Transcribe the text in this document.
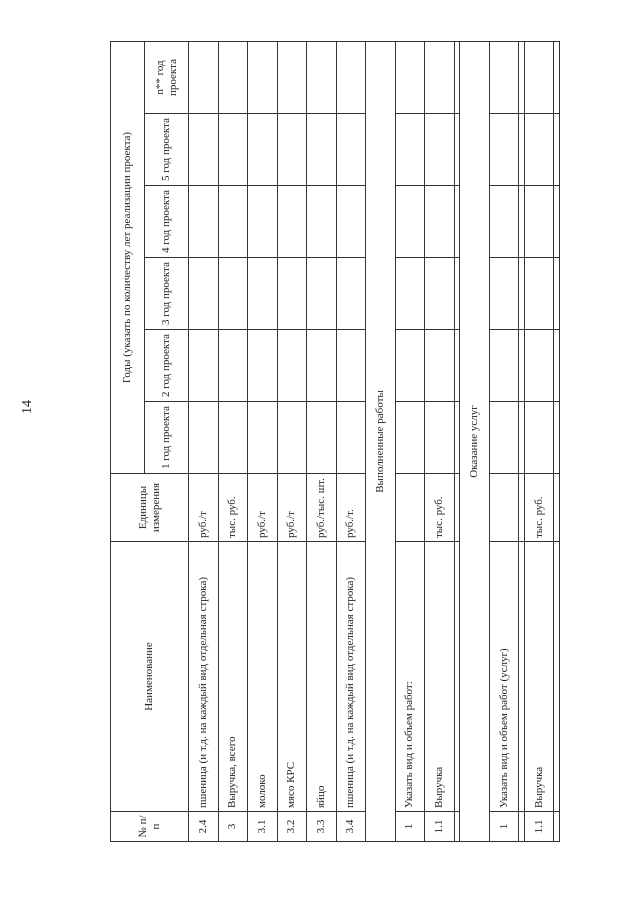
14
№ п/п	Наименование	Единицы измерения	Годы (указать по количеству лет реализации проекта)					
			1 год проекта	2 год проекта	3 год проекта	4 год проекта	5 год проекта	n** год проекта
2.4	пшеница (и т.д. на каждый вид отдельная строка)	руб./т						
3	Выручка, всего	тыс. руб.						
3.1	молоко	руб./т						
3.2	мясо КРС	руб./т						
3.3	яйцо	руб./тыс. шт.						
3.4	пшеница (и т.д. на каждый вид отдельная строка)	руб./т.						
Выполненные работы								
1	Указать вид и объем работ:							
1.1	Выручка	тыс. руб.						

Оказание услуг								
1	Указать вид и объем работ (услуг)							

1.1	Выручка	тыс. руб.						
